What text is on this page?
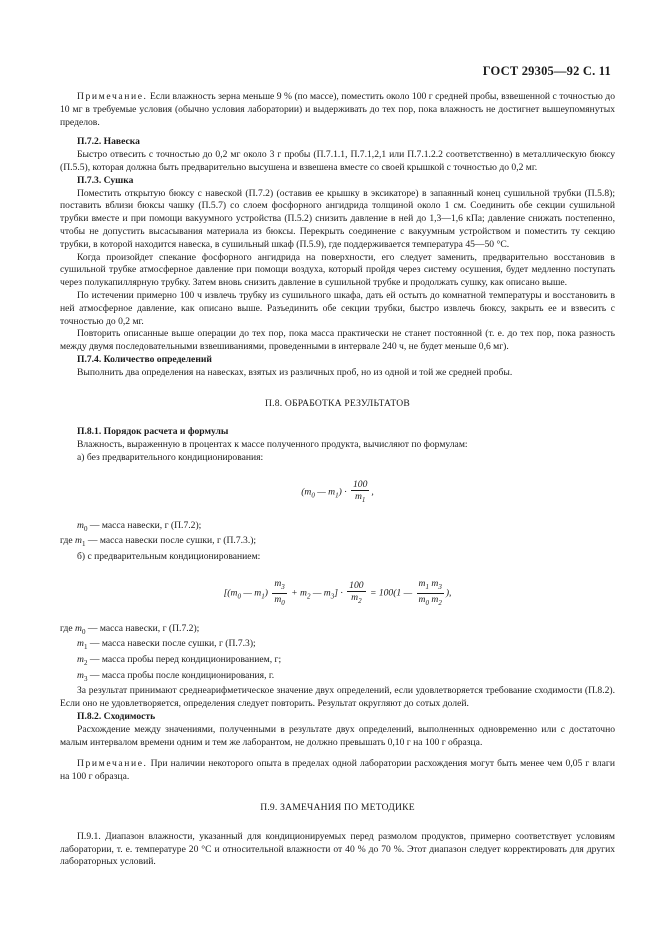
ГОСТ 29305—92 С. 11

Примечание. Если влажность зерна меньше 9 % (по массе), поместить около 100 г средней пробы, взвешенной с точностью до 10 мг в требуемые условия (обычно условия лаборатории) и выдерживать до тех пор, пока влажность не достигнет вышеупомянутых пределов.

П.7.2. Навеска

Быстро отвесить с точностью до 0,2 мг около 3 г пробы (П.7.1.1, П.7.1,2,1 или П.7.1.2.2 соответственно) в металлическую бюксу (П.5.5), которая должна быть предварительно высушена и взвешена вместе со своей крышкой с точностью до 0,2 мг.

П.7.3. Сушка

Поместить открытую бюксу с навеской (П.7.2) (оставив ее крышку в эксикаторе) в запаянный конец сушильной трубки (П.5.8); поставить вблизи бюксы чашку (П.5.7) со слоем фосфорного ангидрида толщиной около 1 см. Соединить обе секции сушильной трубки вместе и при помощи вакуумного устройства (П.5.2) снизить давление в ней до 1,3—1,6 кПа; давление снижать постепенно, чтобы не допустить высасывания материала из бюксы. Перекрыть соединение с вакуумным устройством и поместить ту секцию трубки, в которой находится навеска, в сушильный шкаф (П.5.9), где поддерживается температура 45—50 °С.

Когда произойдет спекание фосфорного ангидрида на поверхности, его следует заменить, предварительно восстановив в сушильной трубке атмосферное давление при помощи воздуха, который пройдя через систему осушения, будет медленно поступать через полукапиллярную трубку. Затем вновь снизить давление в сушильной трубке и продолжать сушку, как описано выше.

По истечении примерно 100 ч извлечь трубку из сушильного шкафа, дать ей остыть до комнатной температуры и восстановить в ней атмосферное давление, как описано выше. Разъединить обе секции трубки, быстро извлечь бюксу, закрыть ее и взвесить с точностью до 0,2 мг.

Повторить описанные выше операции до тех пор, пока масса практически не станет постоянной (т. е. до тех пор, пока разность между двумя последовательными взвешиваниями, проведенными в интервале 240 ч, не будет меньше 0,6 мг).

П.7.4. Количество определений

Выполнить два определения на навесках, взятых из различных проб, но из одной и той же средней пробы.

П.8. ОБРАБОТКА РЕЗУЛЬТАТОВ

П.8.1. Порядок расчета и формулы

Влажность, выраженную в процентах к массе полученного продукта, вычисляют по формулам:

а) без предварительного кондиционирования:

($m_0$ — $m_1) \cdot \frac{100}{m_1}$ ,

$m_0$ — масса навески, г (П.7.2);

где $m_1$ — масса навески после сушки, г (П.7.3.);

б) с предварительным кондиционированием:

[($m_0$ — $m_1) \frac{m_3}{m_0} + m_2$ — $m_3] \cdot \frac{100}{m_2} = 100(1$ — $\frac{m_1 m_3}{m_0 m_2}$ ),

где $m_0$ — масса навески, г (П.7.2);

$m_1$ — масса навески после сушки, г (П.7.3);

$m_2$ — масса пробы перед кондиционированием, г;

$m_3$ — масса пробы после кондиционирования, г.

За результат принимают среднеарифметическое значение двух определений, если удовлетворяется требование сходимости (П.8.2). Если оно не удовлетворяется, определения следует повторить. Результат округляют до сотых долей.

П.8.2. Сходимость

Расхождение между значениями, полученными в результате двух определений, выполненных одновременно или с достаточно малым интервалом времени одним и тем же лаборантом, не должно превышать 0,10 г на 100 г образца.

Примечание. При наличии некоторого опыта в пределах одной лаборатории расхождения могут быть менее чем 0,05 г влаги на 100 г образца.

П.9. ЗАМЕЧАНИЯ ПО МЕТОДИКЕ

П.9.1. Диапазон влажности, указанный для кондиционируемых перед размолом продуктов, примерно соответствует условиям лаборатории, т. е. температуре 20 °С и относительной влажности от 40 % до 70 %. Этот диапазон следует корректировать для других лабораторных условий.
